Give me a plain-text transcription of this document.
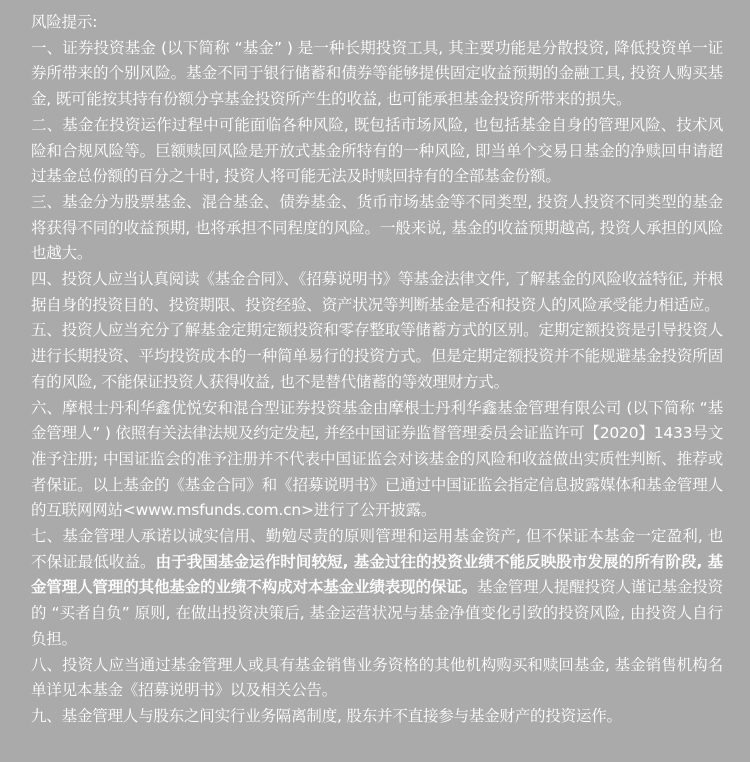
风险提示:

一、证券投资基金 (以下简称 “基金” ) 是一种长期投资工具, 其主要功能是分散投资, 降低投资单一证券所带来的个别风险。基金不同于银行储蓄和债券等能够提供固定收益预期的金融工具, 投资人购买基金, 既可能按其持有份额分享基金投资所产生的收益, 也可能承担基金投资所带来的损失。

二、基金在投资运作过程中可能面临各种风险, 既包括市场风险, 也包括基金自身的管理风险、技术风险和合规风险等。巨额赎回风险是开放式基金所特有的一种风险, 即当单个交易日基金的净赎回申请超过基金总份额的百分之十时, 投资人将可能无法及时赎回持有的全部基金份额。

三、基金分为股票基金、混合基金、债券基金、货币市场基金等不同类型, 投资人投资不同类型的基金将获得不同的收益预期, 也将承担不同程度的风险。一般来说, 基金的收益预期越高, 投资人承担的风险也越大。

四、投资人应当认真阅读《基金合同》、《招募说明书》等基金法律文件, 了解基金的风险收益特征, 并根据自身的投资目的、投资期限、投资经验、资产状况等判断基金是否和投资人的风险承受能力相适应。

五、投资人应当充分了解基金定期定额投资和零存整取等储蓄方式的区别。定期定额投资是引导投资人进行长期投资、平均投资成本的一种简单易行的投资方式。但是定期定额投资并不能规避基金投资所固有的风险, 不能保证投资人获得收益, 也不是替代储蓄的等效理财方式。

六、摩根士丹利华鑫优悦安和混合型证券投资基金由摩根士丹利华鑫基金管理有限公司 (以下简称 “基金管理人” ) 依照有关法律法规及约定发起, 并经中国证券监督管理委员会证监许可【2020】1433号文准予注册; 中国证监会的准予注册并不代表中国证监会对该基金的风险和收益做出实质性判断、推荐或者保证。以上基金的《基金合同》和《招募说明书》已通过中国证监会指定信息披露媒体和基金管理人的互联网网站<www.msfunds.com.cn>进行了公开披露。

七、基金管理人承诺以诚实信用、勤勉尽责的原则管理和运用基金资产, 但不保证本基金一定盈利, 也不保证最低收益。由于我国基金运作时间较短, 基金过往的投资业绩不能反映股市发展的所有阶段, 基金管理人管理的其他基金的业绩不构成对本基金业绩表现的保证。基金管理人提醒投资人谨记基金投资的 “买者自负” 原则, 在做出投资决策后, 基金运营状况与基金净值变化引致的投资风险, 由投资人自行负担。

八、投资人应当通过基金管理人或具有基金销售业务资格的其他机构购买和赎回基金, 基金销售机构名单详见本基金《招募说明书》以及相关公告。

九、基金管理人与股东之间实行业务隔离制度, 股东并不直接参与基金财产的投资运作。
